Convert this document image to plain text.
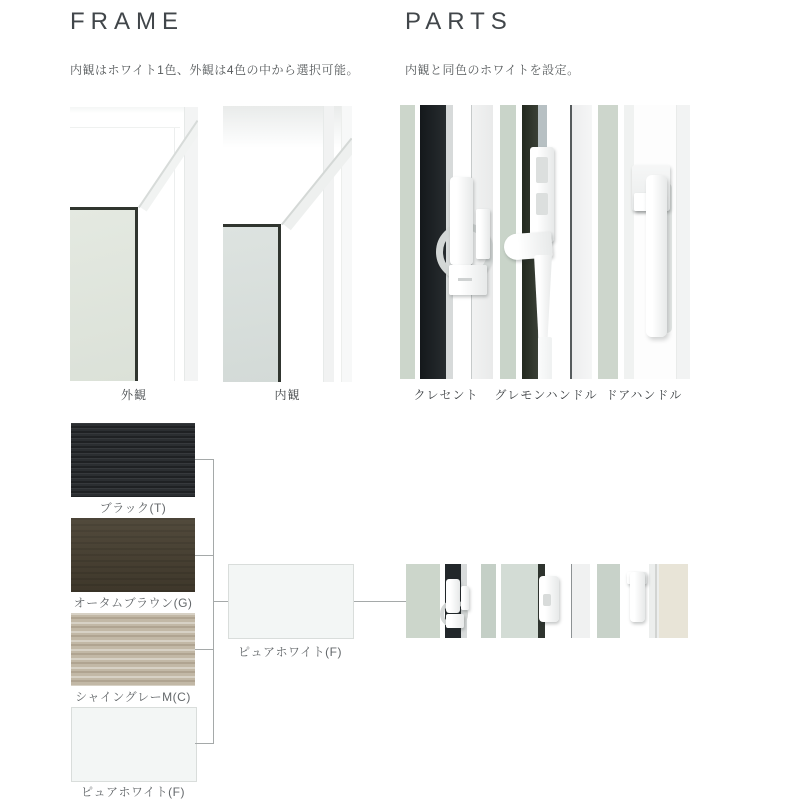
FRAME
内観はホワイト1色、外観は4色の中から選択可能。
外観	内観
PARTS
内観と同色のホワイトを設定。
クレセント	グレモンハンドル ドアハンドル
ブラック(T)
オータムブラウン(G)
シャイングレーM(C)
ピュアホワイト(F)
ピュアホワイト(F)
